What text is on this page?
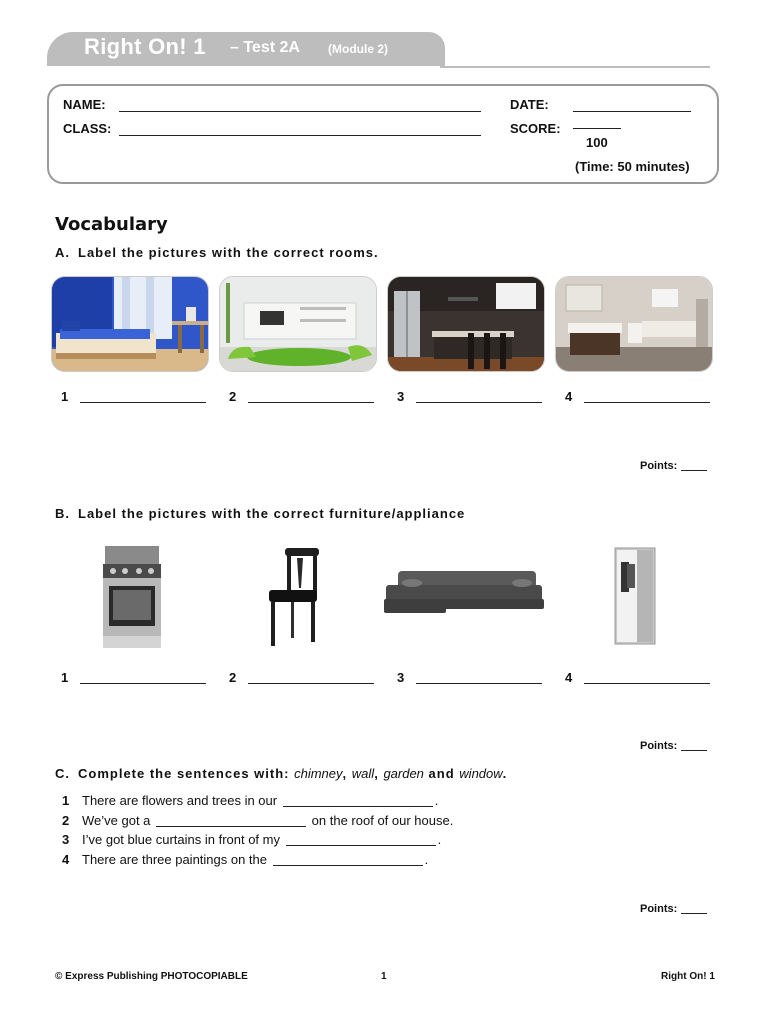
Right On! 1 – Test 2A (Module 2)
NAME:
CLASS:
DATE:
SCORE:
100
(Time: 50 minutes)
Vocabulary
A. Label the pictures with the correct rooms.
1	2	3	4
Points:
B. Label the pictures with the correct furniture/appliance
1	2	3	4
Points:
C. Complete the sentences with: chimney, wall, garden and window.
1 There are flowers and trees in our	.
2 We’ve got a	on the roof of our house.
3 I’ve got blue curtains in front of my	.
4 There are three paintings on the	.
Points:
© Express Publishing PHOTOCOPIABLE	1	Right On! 1
